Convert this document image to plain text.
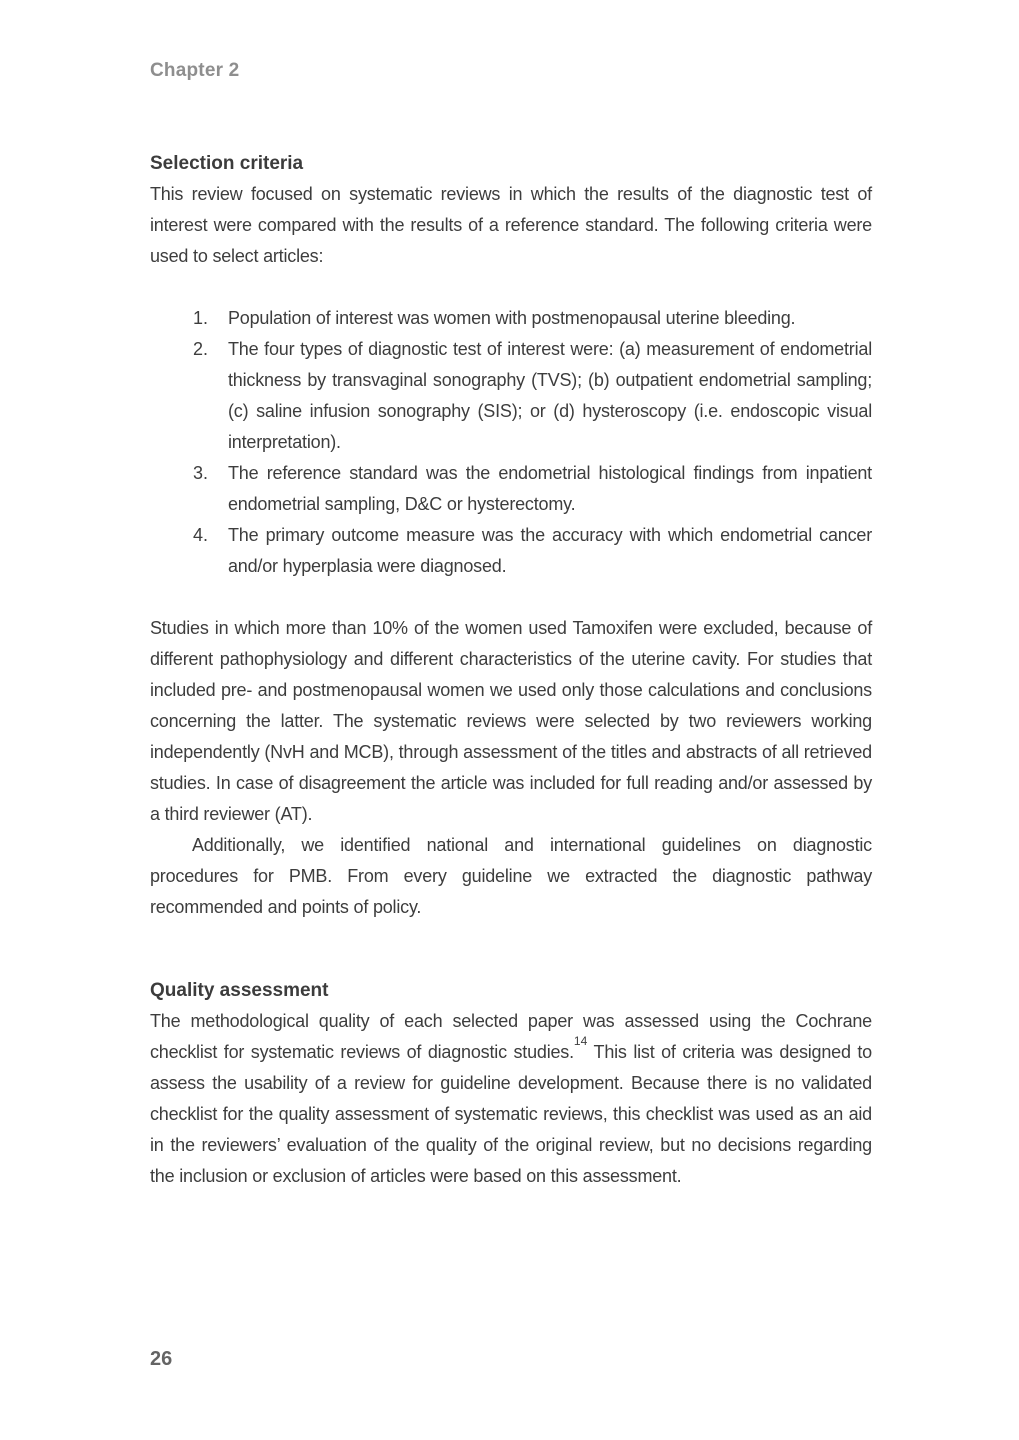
Chapter 2
Selection criteria

This review focused on systematic reviews in which the results of the diagnostic test of interest were compared with the results of a reference standard. The following criteria were used to select articles:

1.	Population of interest was women with postmenopausal uterine bleeding.
2.	The four types of diagnostic test of interest were: (a) measurement of endometrial thickness by transvaginal sonography (TVS); (b) outpatient endometrial sampling; (c) saline infusion sonography (SIS); or (d) hysteroscopy (i.e. endoscopic visual interpretation).
3.	The reference standard was the endometrial histological findings from inpatient endometrial sampling, D&C or hysterectomy.
4.	The primary outcome measure was the accuracy with which endometrial cancer and/or hyperplasia were diagnosed.

Studies in which more than 10% of the women used Tamoxifen were excluded, because of different pathophysiology and different characteristics of the uterine cavity. For studies that included pre- and postmenopausal women we used only those calculations and conclusions concerning the latter. The systematic reviews were selected by two reviewers working independently (NvH and MCB), through assessment of the titles and abstracts of all retrieved studies. In case of disagreement the article was included for full reading and/or assessed by a third reviewer (AT).

Additionally, we identified national and international guidelines on diagnostic procedures for PMB. From every guideline we extracted the diagnostic pathway recommended and points of policy.

Quality assessment

The methodological quality of each selected paper was assessed using the Cochrane checklist for systematic reviews of diagnostic studies.$^{14}$ This list of criteria was designed to assess the usability of a review for guideline development. Because there is no validated checklist for the quality assessment of systematic reviews, this checklist was used as an aid in the reviewers’ evaluation of the quality of the original review, but no decisions regarding the inclusion or exclusion of articles were based on this assessment.

26
